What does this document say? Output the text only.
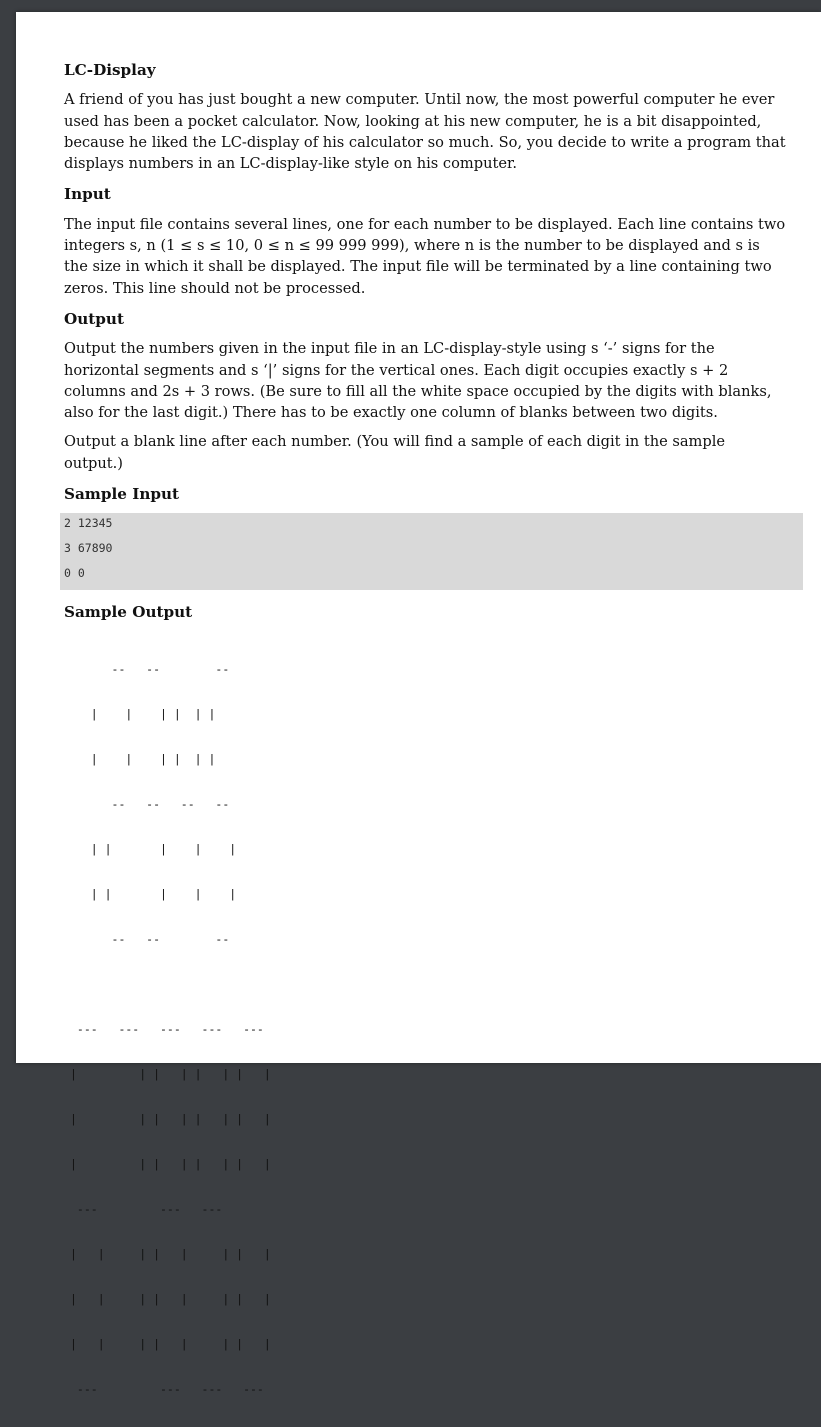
LC-Display

A friend of you has just bought a new computer. Until now, the most powerful computer he ever used has been a pocket calculator. Now, looking at his new computer, he is a bit disappointed, because he liked the LC-display of his calculator so much. So, you decide to write a program that displays numbers in an LC-display-like style on his computer.

Input

The input file contains several lines, one for each number to be displayed. Each line contains two integers s, n (1 ≤ s ≤ 10, 0 ≤ n ≤ 99 999 999), where n is the number to be displayed and s is the size in which it shall be displayed. The input file will be terminated by a line containing two zeros. This line should not be processed.

Output

Output the numbers given in the input file in an LC-display-style using s ‘-’ signs for the horizontal segments and s ‘|’ signs for the vertical ones. Each digit occupies exactly s + 2 columns and 2s + 3 rows. (Be sure to fill all the white space occupied by the digits with blanks, also for the last digit.) There has to be exactly one column of blanks between two digits.

Output a blank line after each number. (You will find a sample of each digit in the sample output.)

Sample Input
2 12345
3 67890
0 0
Sample Output

--   --        --

|    |    | |  | |

|    |    | |  | |

--   --   --   --

| |       |    |    |

| |       |    |    |

--   --        --

---   ---   ---   ---   ---

|         | |   | |   | |   |

|         | |   | |   | |   |

|         | |   | |   | |   |

---         ---   ---

|   |     | |   |     | |   |

|   |     | |   |     | |   |

|   |     | |   |     | |   |

---         ---   ---   ---
